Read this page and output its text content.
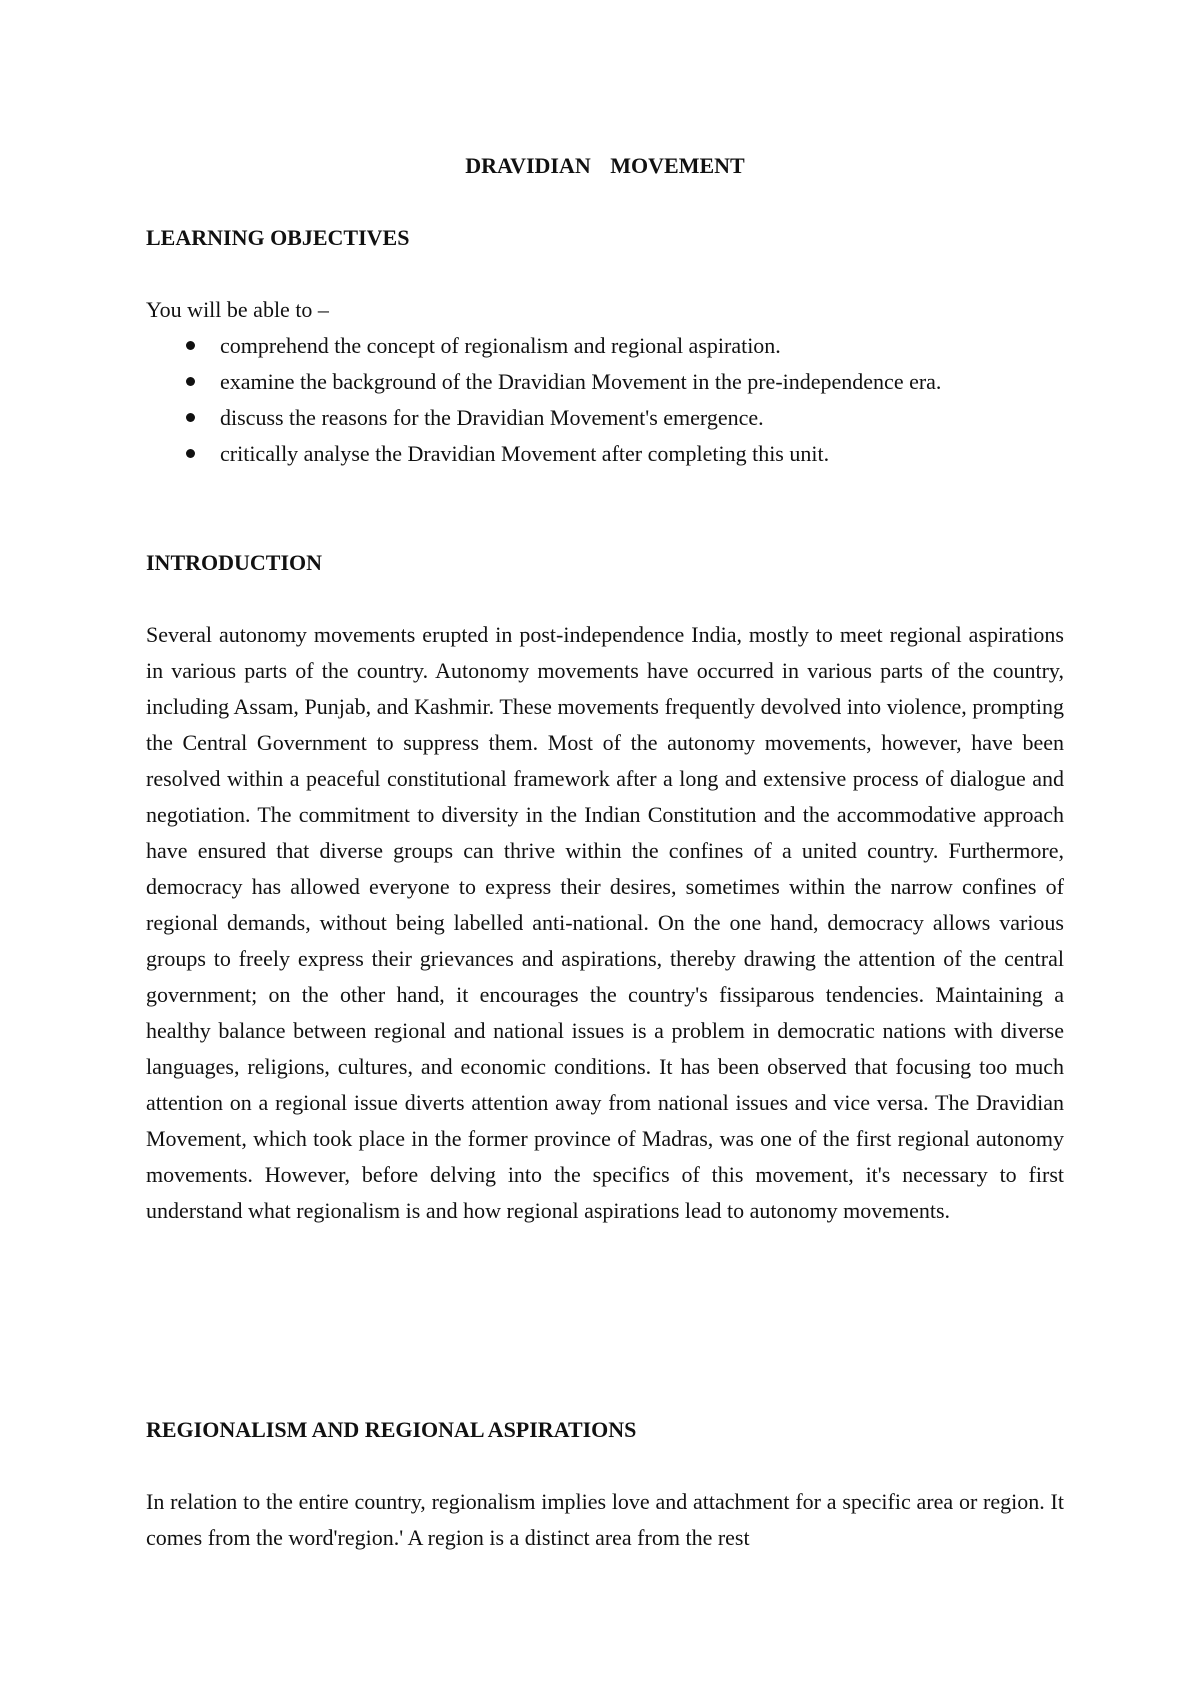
DRAVIDIAN MOVEMENT
LEARNING OBJECTIVES

You will be able to –

comprehend the concept of regionalism and regional aspiration.
examine the background of the Dravidian Movement in the pre-independence era.
discuss the reasons for the Dravidian Movement's emergence.
critically analyse the Dravidian Movement after completing this unit.
INTRODUCTION

Several autonomy movements erupted in post-independence India, mostly to meet regional aspirations in various parts of the country. Autonomy movements have occurred in various parts of the country, including Assam, Punjab, and Kashmir. These movements frequently devolved into violence, prompting the Central Government to suppress them. Most of the autonomy movements, however, have been resolved within a peaceful constitutional framework after a long and extensive process of dialogue and negotiation. The commitment to diversity in the Indian Constitution and the accommodative approach have ensured that diverse groups can thrive within the confines of a united country. Furthermore, democracy has allowed everyone to express their desires, sometimes within the narrow confines of regional demands, without being labelled anti-national. On the one hand, democracy allows various groups to freely express their grievances and aspirations, thereby drawing the attention of the central government; on the other hand, it encourages the country's fissiparous tendencies. Maintaining a healthy balance between regional and national issues is a problem in democratic nations with diverse languages, religions, cultures, and economic conditions. It has been observed that focusing too much attention on a regional issue diverts attention away from national issues and vice versa. The Dravidian Movement, which took place in the former province of Madras, was one of the first regional autonomy movements. However, before delving into the specifics of this movement, it's necessary to first understand what regionalism is and how regional aspirations lead to autonomy movements.

REGIONALISM AND REGIONAL ASPIRATIONS

In relation to the entire country, regionalism implies love and attachment for a specific area or region. It comes from the word'region.' A region is a distinct area from the rest
